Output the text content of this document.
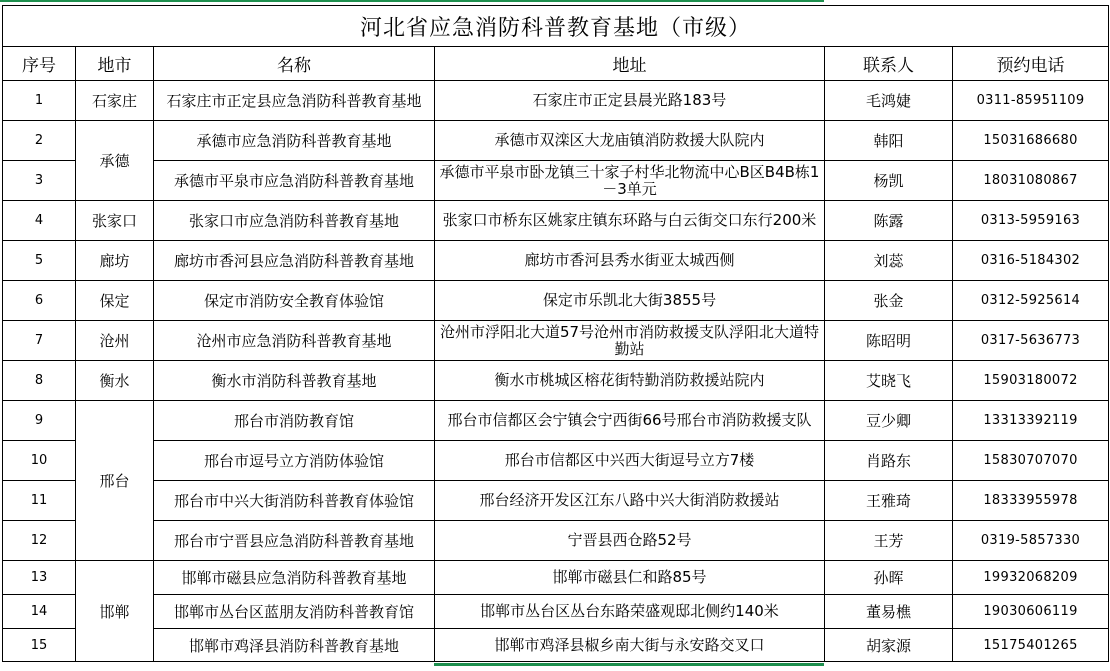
河北省应急消防科普教育基地（市级）					
序号	地市	名称	地址	联系人	预约电话
1	石家庄	石家庄市正定县应急消防科普教育基地	石家庄市正定县晨光路183号	毛鸿婕	0311-85951109
2	承德	承德市应急消防科普教育基地	承德市双滦区大龙庙镇消防救援大队院内	韩阳	15031686680
3		承德市平泉市应急消防科普教育基地	承德市平泉市卧龙镇三十家子村华北物流中心B区B4B栋1－3单元	杨凯	18031080867
4	张家口	张家口市应急消防科普教育基地	张家口市桥东区姚家庄镇东环路与白云街交口东行200米	陈露	0313-5959163
5	廊坊	廊坊市香河县应急消防科普教育基地	廊坊市香河县秀水街亚太城西侧	刘蕊	0316-5184302
6	保定	保定市消防安全教育体验馆	保定市乐凯北大街3855号	张金	0312-5925614
7	沧州	沧州市应急消防科普教育基地	沧州市浮阳北大道57号沧州市消防救援支队浮阳北大道特勤站	陈昭明	0317-5636773
8	衡水	衡水市消防科普教育基地	衡水市桃城区榕花街特勤消防救援站院内	艾晓飞	15903180072
9	邢台	邢台市消防教育馆	邢台市信都区会宁镇会宁西街66号邢台市消防救援支队	豆少卿	13313392119
10		邢台市逗号立方消防体验馆	邢台市信都区中兴西大街逗号立方7楼	肖路东	15830707070
11		邢台市中兴大街消防科普教育体验馆	邢台经济开发区江东八路中兴大街消防救援站	王雅琦	18333955978
12		邢台市宁晋县应急消防科普教育基地	宁晋县西仓路52号	王芳	0319-5857330
13	邯郸	邯郸市磁县应急消防科普教育基地	邯郸市磁县仁和路85号	孙晖	19932068209
14		邯郸市丛台区蓝朋友消防科普教育馆	邯郸市丛台区丛台东路荣盛观邸北侧约140米	董易樵	19030606119
15		邯郸市鸡泽县消防科普教育基地	邯郸市鸡泽县椒乡南大街与永安路交叉口	胡家源	15175401265
